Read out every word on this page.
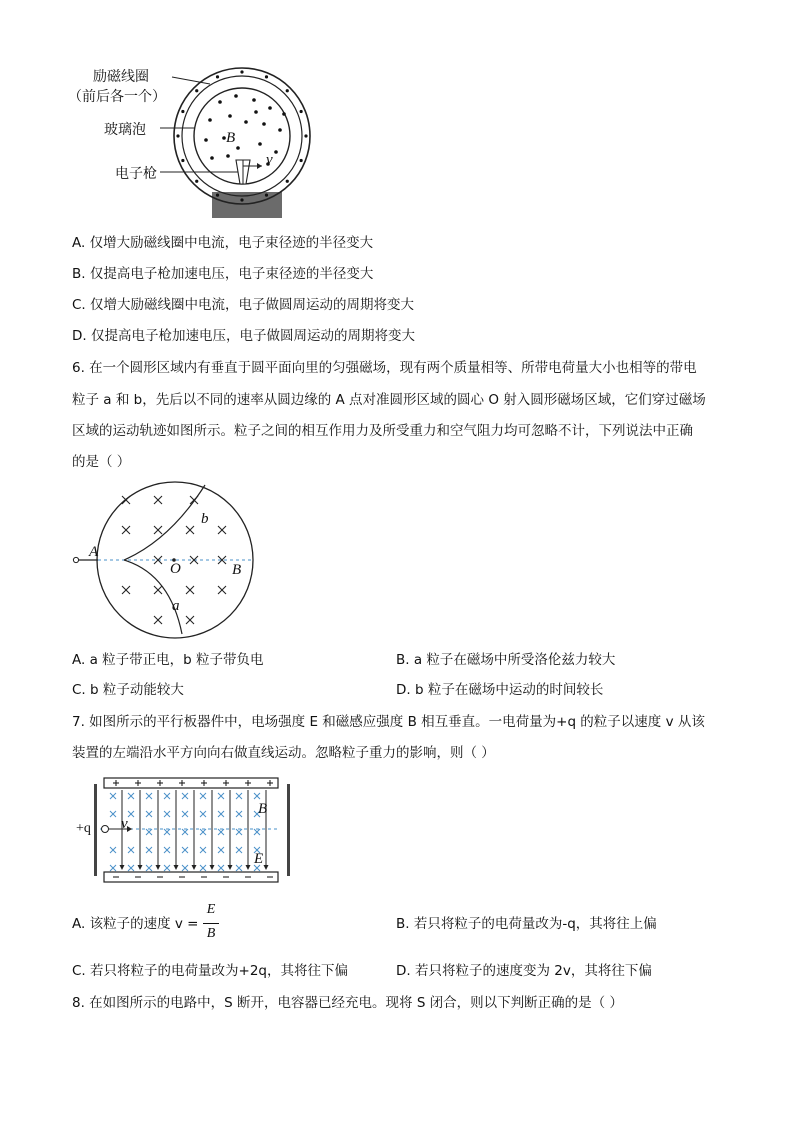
励磁线圈
（前后各一个）
玻璃泡
电子枪
B
v
A. 仅增大励磁线圈中电流，电子束径迹的半径变大
B. 仅提高电子枪加速电压，电子束径迹的半径变大
C. 仅增大励磁线圈中电流，电子做圆周运动的周期将变大
D. 仅提高电子枪加速电压，电子做圆周运动的周期将变大
6. 在一个圆形区域内有垂直于圆平面向里的匀强磁场，现有两个质量相等、所带电荷量大小也相等的带电
粒子 a 和 b，先后以不同的速率从圆边缘的 A 点对准圆形区域的圆心 O 射入圆形磁场区域，它们穿过磁场
区域的运动轨迹如图所示。粒子之间的相互作用力及所受重力和空气阻力均可忽略不计，下列说法中正确
的是（ ）
A
O	B
a
b
A. a 粒子带正电，b 粒子带负电	B. a 粒子在磁场中所受洛伦兹力较大
C. b 粒子动能较大	D. b 粒子在磁场中运动的时间较长
7. 如图所示的平行板器件中，电场强度 E 和磁感应强度 B 相互垂直。一电荷量为+q 的粒子以速度 v 从该
装置的左端沿水平方向向右做直线运动。忽略粒子重力的影响，则（ ）
+q v
B
E
A. 该粒子的速度 v =
E
B
B. 若只将粒子的电荷量改为-q，其将往上偏
C. 若只将粒子的电荷量改为+2q，其将往下偏	D. 若只将粒子的速度变为 2v，其将往下偏
8. 在如图所示的电路中，S 断开，电容器已经充电。现将 S 闭合，则以下判断正确的是（ ）
